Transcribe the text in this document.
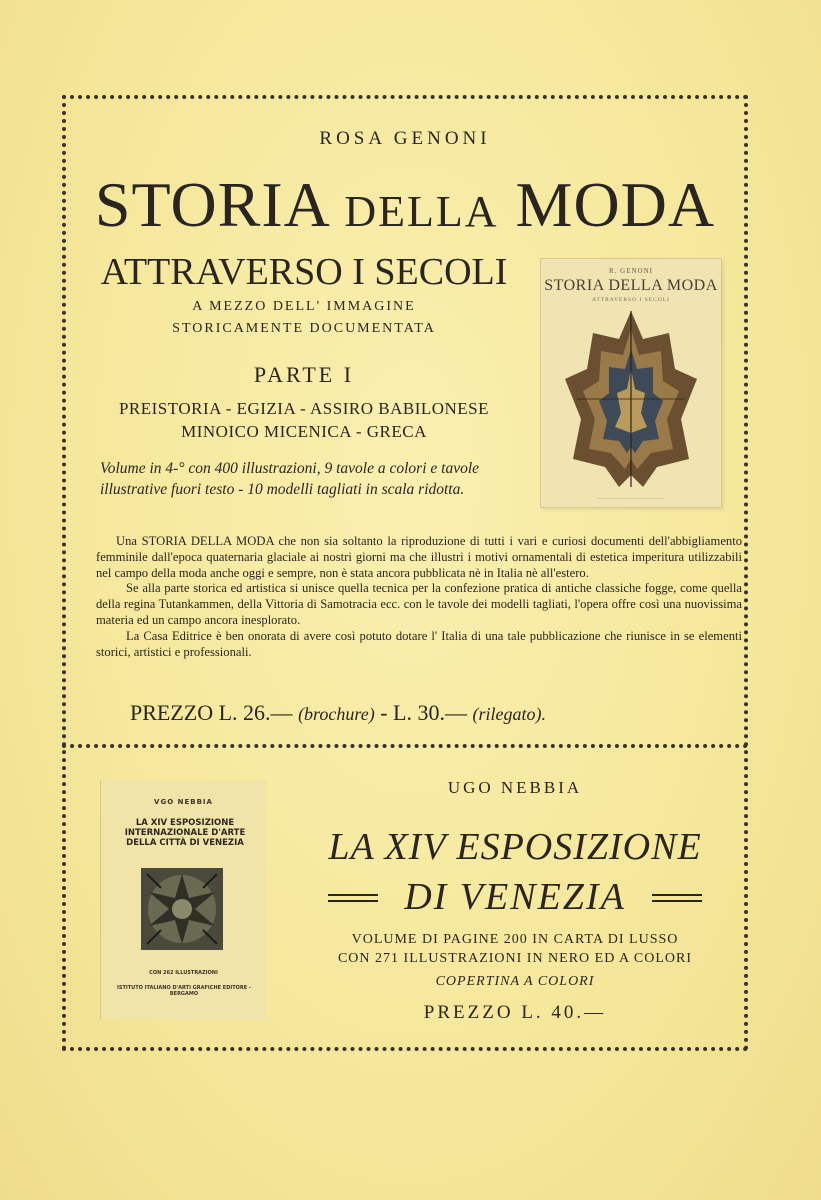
ROSA GENONI
STORIA DELLA MODA
ATTRAVERSO I SECOLI
A MEZZO DELL' IMMAGINE
STORICAMENTE DOCUMENTATA
PARTE I
PREISTORIA - EGIZIA - ASSIRO BABILONESE
MINOICO MICENICA - GRECA
Volume in 4-° con 400 illustrazioni, 9 tavole a colori e tavole illustrative fuori testo - 10 modelli tagliati in scala ridotta.
R. GENONI
STORIA DELLA MODA
ATTRAVERSO I SECOLI
———————————————

Una STORIA DELLA MODA che non sia soltanto la riproduzione di tutti i vari e curiosi documenti dell'abbigliamento femminile dall'epoca quaternaria glaciale ai nostri giorni ma che illustri i motivi ornamentali di estetica imperitura utilizzabili nel campo della moda anche oggi e sempre, non è stata ancora pubblicata nè in Italia nè all'estero.

Se alla parte storica ed artistica si unisce quella tecnica per la confezione pratica di antiche classiche fogge, come quella della regina Tutankammen, della Vittoria di Samotracia ecc. con le tavole dei modelli tagliati, l'opera offre così una nuovissima materia ed un campo ancora inesplorato.

La Casa Editrice è ben onorata di avere così potuto dotare l' Italia di una tale pubblicazione che riunisce in se elementi storici, artistici e professionali.

PREZZO L. 26.— (brochure) - L. 30.— (rilegato).
VGO NEBBIA
LA XIV ESPOSIZIONE INTERNAZIONALE D'ARTE DELLA CITTÀ DI VENEZIA
CON 262 ILLUSTRAZIONI
ISTITUTO ITALIANO D'ARTI GRAFICHE EDITORE - BERGAMO
UGO NEBBIA
LA XIV ESPOSIZIONE
DI VENEZIA
VOLUME DI PAGINE 200 IN CARTA DI LUSSO
CON 271 ILLUSTRAZIONI IN NERO ED A COLORI
COPERTINA A COLORI
PREZZO L. 40.—
